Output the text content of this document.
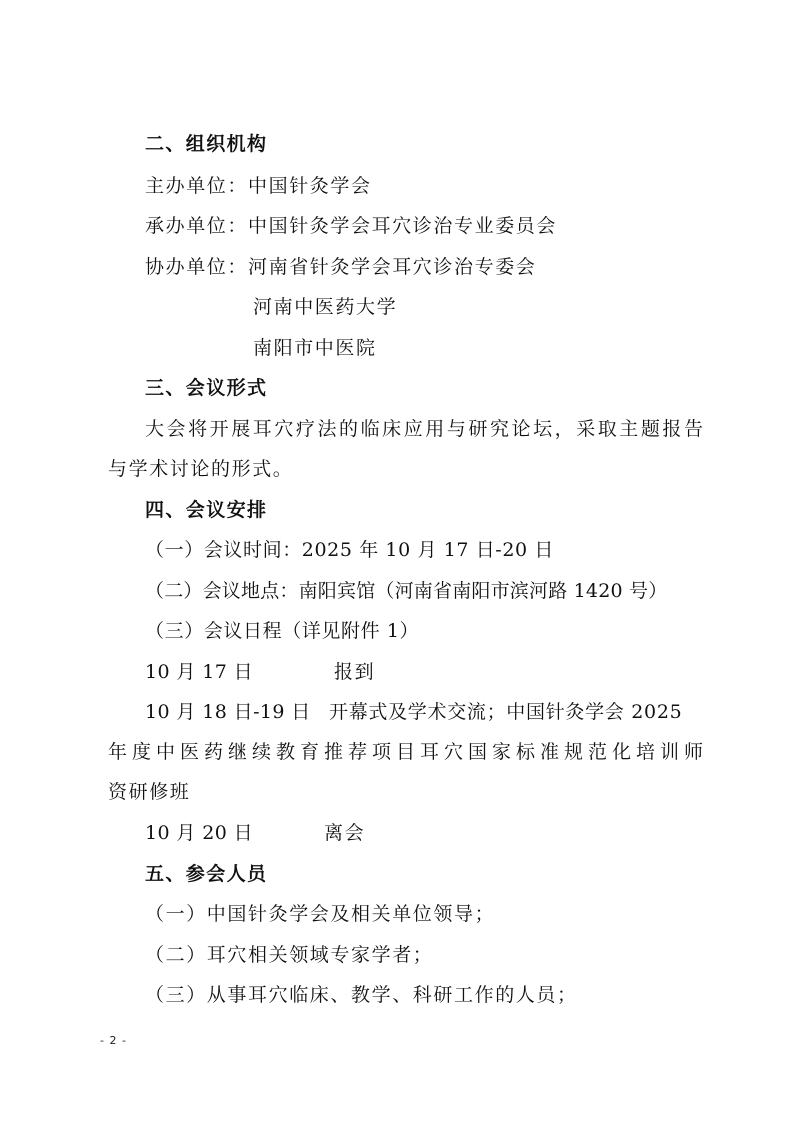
二、组织机构
主办单位：中国针灸学会
承办单位：中国针灸学会耳穴诊治专业委员会
协办单位：河南省针灸学会耳穴诊治专委会
河南中医药大学
南阳市中医院
三、会议形式
大会将开展耳穴疗法的临床应用与研究论坛，采取主题报告
与学术讨论的形式。
四、会议安排
（一）会议时间：2025 年 10 月 17 日-20 日
（二）会议地点：南阳宾馆（河南省南阳市滨河路 1420 号）
（三）会议日程（详见附件 1）
10 月 17 日	报到
10 月 18 日-19 日 开幕式及学术交流；中国针灸学会 2025
年度中医药继续教育推荐项目耳穴国家标准规范化培训师
资研修班
10 月 20 日	离会
五、参会人员
（一）中国针灸学会及相关单位领导；
（二）耳穴相关领域专家学者；
（三）从事耳穴临床、教学、科研工作的人员；
- 2 -
